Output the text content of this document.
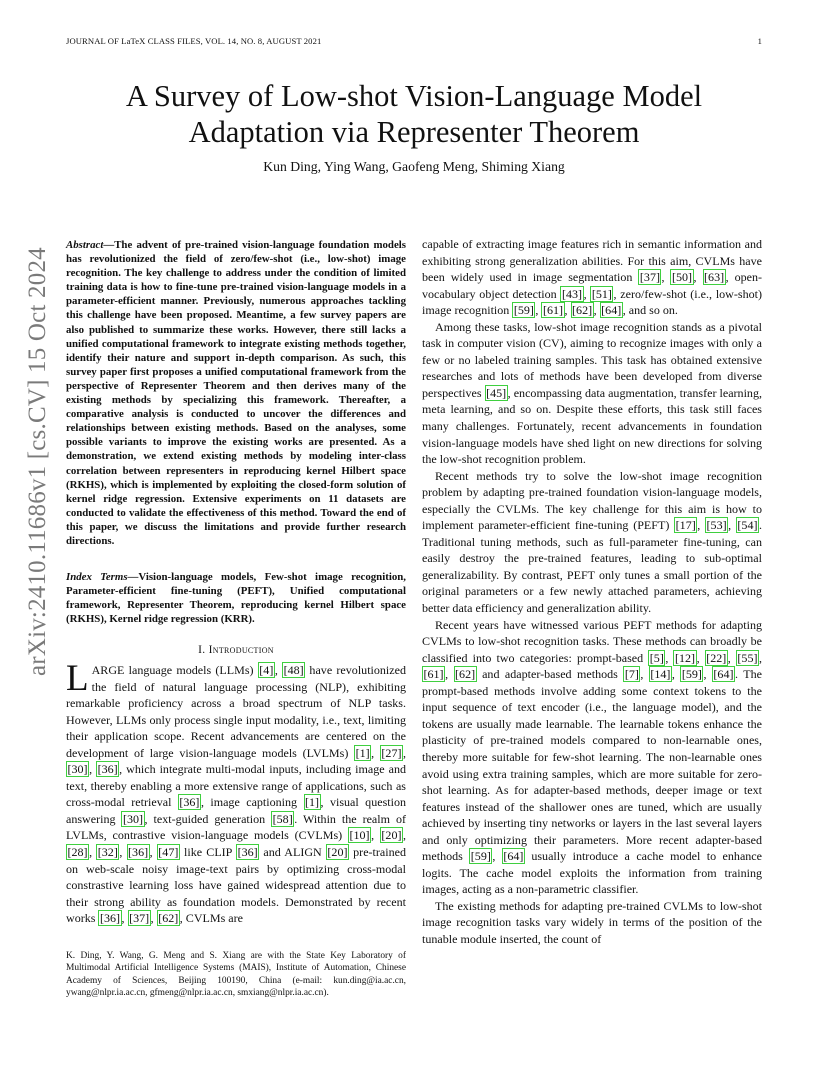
JOURNAL OF LaTeX CLASS FILES, VOL. 14, NO. 8, AUGUST 2021	1
A Survey of Low-shot Vision-Language Model
Adaptation via Representer Theorem
Kun Ding, Ying Wang, Gaofeng Meng, Shiming Xiang
arXiv:2410.11686v1 [cs.CV] 15 Oct 2024
Abstract—The advent of pre-trained vision-language foundation models has revolutionized the field of zero/few-shot (i.e., low-shot) image recognition. The key challenge to address under the condition of limited training data is how to fine-tune pre-trained vision-language models in a parameter-efficient manner. Previously, numerous approaches tackling this challenge have been proposed. Meantime, a few survey papers are also published to summarize these works. However, there still lacks a unified computational framework to integrate existing methods together, identify their nature and support in-depth comparison. As such, this survey paper first proposes a unified computational framework from the perspective of Representer Theorem and then derives many of the existing methods by specializing this framework. Thereafter, a comparative analysis is conducted to uncover the differences and relationships between existing methods. Based on the analyses, some possible variants to improve the existing works are presented. As a demonstration, we extend existing methods by modeling inter-class correlation between representers in reproducing kernel Hilbert space (RKHS), which is implemented by exploiting the closed-form solution of kernel ridge regression. Extensive experiments on 11 datasets are conducted to validate the effectiveness of this method. Toward the end of this paper, we discuss the limitations and provide further research directions.
Index Terms—Vision-language models, Few-shot image recognition, Parameter-efficient fine-tuning (PEFT), Unified computational framework, Representer Theorem, reproducing kernel Hilbert space (RKHS), Kernel ridge regression (KRR).
I. Introduction

LARGE language models (LLMs) [4] , [48] have revolutionized the field of natural language processing (NLP), exhibiting remarkable proficiency across a broad spectrum of NLP tasks. However, LLMs only process single input modality, i.e., text, limiting their application scope. Recent advancements are centered on the development of large vision-language models (LVLMs) [1] , [27] , [30] , [36] , which integrate multi-modal inputs, including image and text, thereby enabling a more extensive range of applications, such as cross-modal retrieval [36] , image captioning [1] , visual question answering [30] , text-guided generation [58] . Within the realm of LVLMs, contrastive vision-language models (CVLMs) [10] , [20] , [28] , [32] , [36] , [47] like CLIP [36] and ALIGN [20] pre-trained on web-scale noisy image-text pairs by optimizing cross-modal constrastive learning loss have gained widespread attention due to their strong ability as foundation models. Demonstrated by recent works [36] , [37] , [62] , CVLMs are

K. Ding, Y. Wang, G. Meng and S. Xiang are with the State Key Laboratory of Multimodal Artificial Intelligence Systems (MAIS), Institute of Automation, Chinese Academy of Sciences, Beijing 100190, China (e-mail: kun.ding@ia.ac.cn, ywang@nlpr.ia.ac.cn, gfmeng@nlpr.ia.ac.cn, smxiang@nlpr.ia.ac.cn).

capable of extracting image features rich in semantic information and exhibiting strong generalization abilities. For this aim, CVLMs have been widely used in image segmentation [37] , [50] , [63] , open-vocabulary object detection [43] , [51] , zero/few-shot (i.e., low-shot) image recognition [59] , [61] , [62] , [64] , and so on.

Among these tasks, low-shot image recognition stands as a pivotal task in computer vision (CV), aiming to recognize images with only a few or no labeled training samples. This task has obtained extensive researches and lots of methods have been developed from diverse perspectives [45] , encompassing data augmentation, transfer learning, meta learning, and so on. Despite these efforts, this task still faces many challenges. Fortunately, recent advancements in foundation vision-language models have shed light on new directions for solving the low-shot recognition problem.

Recent methods try to solve the low-shot image recognition problem by adapting pre-trained foundation vision-language models, especially the CVLMs. The key challenge for this aim is how to implement parameter-efficient fine-tuning (PEFT) [17] , [53] , [54] . Traditional tuning methods, such as full-parameter fine-tuning, can easily destroy the pre-trained features, leading to sub-optimal generalizability. By contrast, PEFT only tunes a small portion of the original parameters or a few newly attached parameters, achieving better data efficiency and generalization ability.

Recent years have witnessed various PEFT methods for adapting CVLMs to low-shot recognition tasks. These methods can broadly be classified into two categories: prompt-based [5] , [12] , [22] , [55] , [61] , [62] and adapter-based methods [7] , [14] , [59] , [64] . The prompt-based methods involve adding some context tokens to the input sequence of text encoder (i.e., the language model), and the tokens are usually made learnable. The learnable tokens enhance the plasticity of pre-trained models compared to non-learnable ones, thereby more suitable for few-shot learning. The non-learnable ones avoid using extra training samples, which are more suitable for zero-shot learning. As for adapter-based methods, deeper image or text features instead of the shallower ones are tuned, which are usually achieved by inserting tiny networks or layers in the last several layers and only optimizing their parameters. More recent adapter-based methods [59] , [64] usually introduce a cache model to enhance logits. The cache model exploits the information from training images, acting as a non-parametric classifier.

The existing methods for adapting pre-trained CVLMs to low-shot image recognition tasks vary widely in terms of the position of the tunable module inserted, the count of
